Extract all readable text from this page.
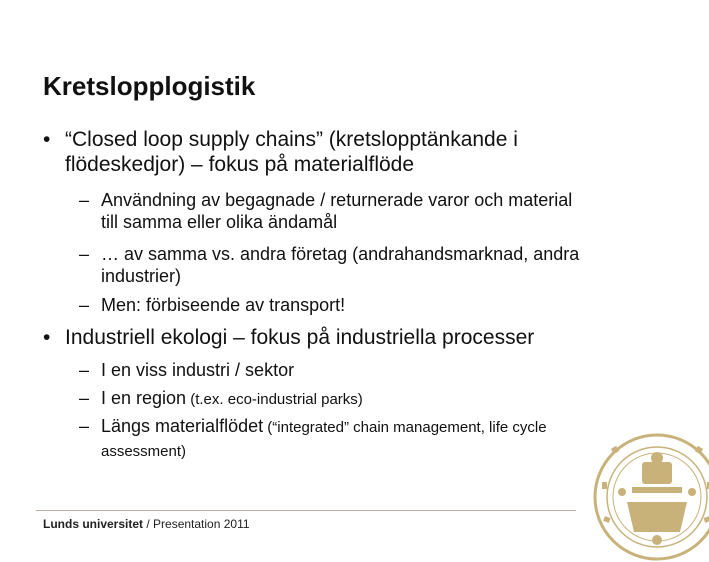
Kretslopplogistik
• “Closed loop supply chains” (kretslopptänkande i
flödeskedjor) – fokus på materialflöde
– Användning av begagnade / returnerade varor och material
till samma eller olika ändamål
– … av samma vs. andra företag (andrahandsmarknad, andra
industrier)
– Men: förbiseende av transport!
• Industriell ekologi – fokus på industriella processer
– I en viss industri / sektor
– I en region (t.ex. eco-industrial parks)
– Längs materialflödet (“integrated” chain management, life cycle
assessment)
Lunds universitet / Presentation 2011
